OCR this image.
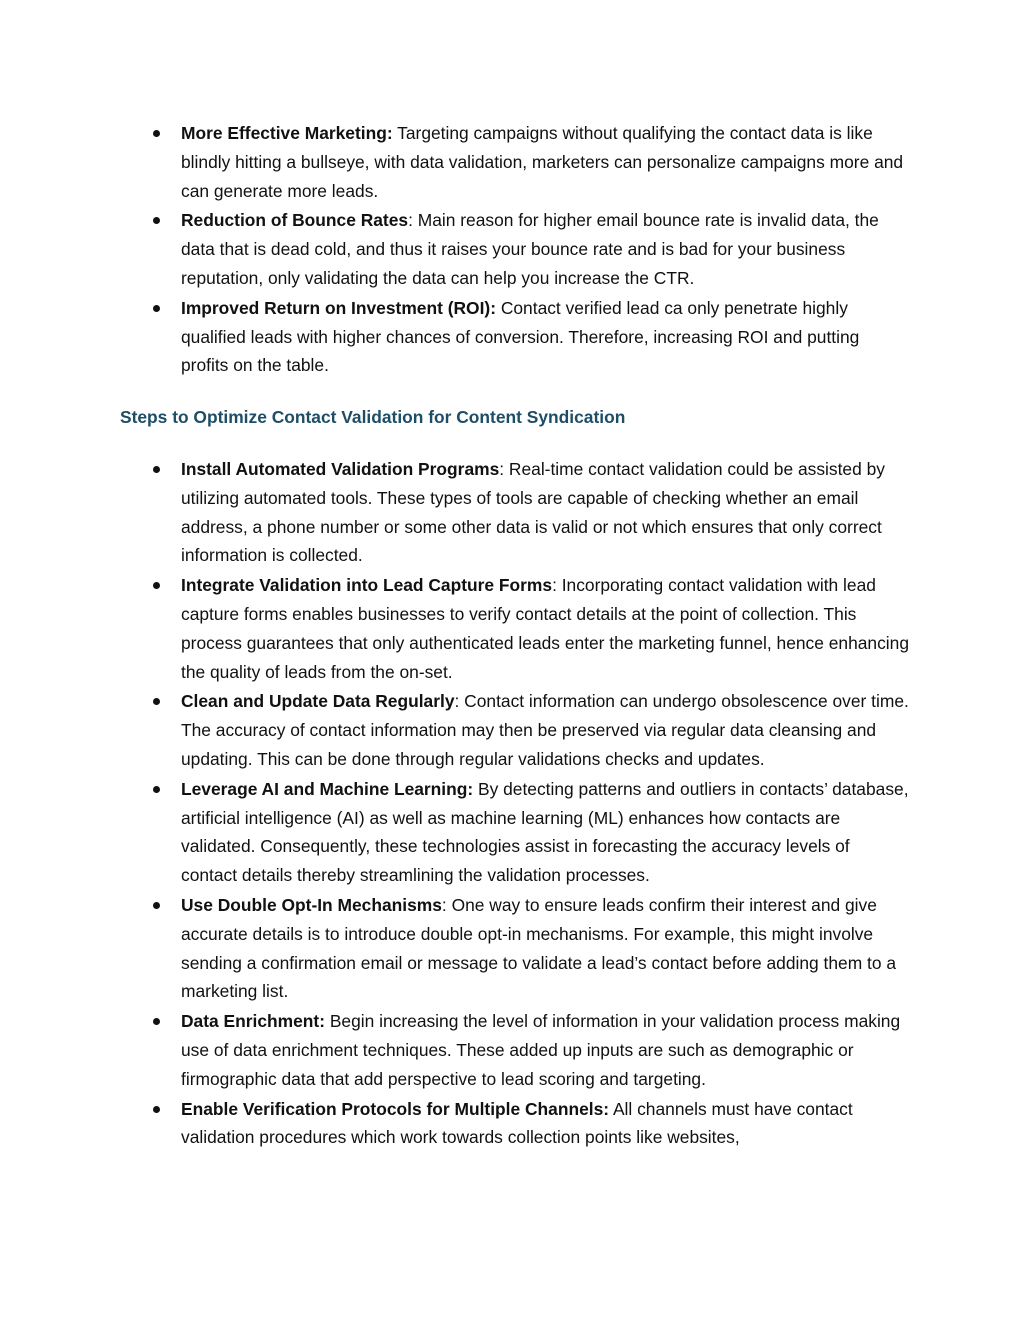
More Effective Marketing: Targeting campaigns without qualifying the contact data is like blindly hitting a bullseye, with data validation, marketers can personalize campaigns more and can generate more leads.
Reduction of Bounce Rates: Main reason for higher email bounce rate is invalid data, the data that is dead cold, and thus it raises your bounce rate and is bad for your business reputation, only validating the data can help you increase the CTR.
Improved Return on Investment (ROI): Contact verified lead ca only penetrate highly qualified leads with higher chances of conversion. Therefore, increasing ROI and putting profits on the table.
Steps to Optimize Contact Validation for Content Syndication
Install Automated Validation Programs: Real-time contact validation could be assisted by utilizing automated tools. These types of tools are capable of checking whether an email address, a phone number or some other data is valid or not which ensures that only correct information is collected.
Integrate Validation into Lead Capture Forms: Incorporating contact validation with lead capture forms enables businesses to verify contact details at the point of collection. This process guarantees that only authenticated leads enter the marketing funnel, hence enhancing the quality of leads from the on-set.
Clean and Update Data Regularly: Contact information can undergo obsolescence over time. The accuracy of contact information may then be preserved via regular data cleansing and updating. This can be done through regular validations checks and updates.
Leverage AI and Machine Learning: By detecting patterns and outliers in contacts’ database, artificial intelligence (AI) as well as machine learning (ML) enhances how contacts are validated. Consequently, these technologies assist in forecasting the accuracy levels of contact details thereby streamlining the validation processes.
Use Double Opt-In Mechanisms: One way to ensure leads confirm their interest and give accurate details is to introduce double opt-in mechanisms. For example, this might involve sending a confirmation email or message to validate a lead’s contact before adding them to a marketing list.
Data Enrichment: Begin increasing the level of information in your validation process making use of data enrichment techniques. These added up inputs are such as demographic or firmographic data that add perspective to lead scoring and targeting.
Enable Verification Protocols for Multiple Channels: All channels must have contact validation procedures which work towards collection points like websites,
